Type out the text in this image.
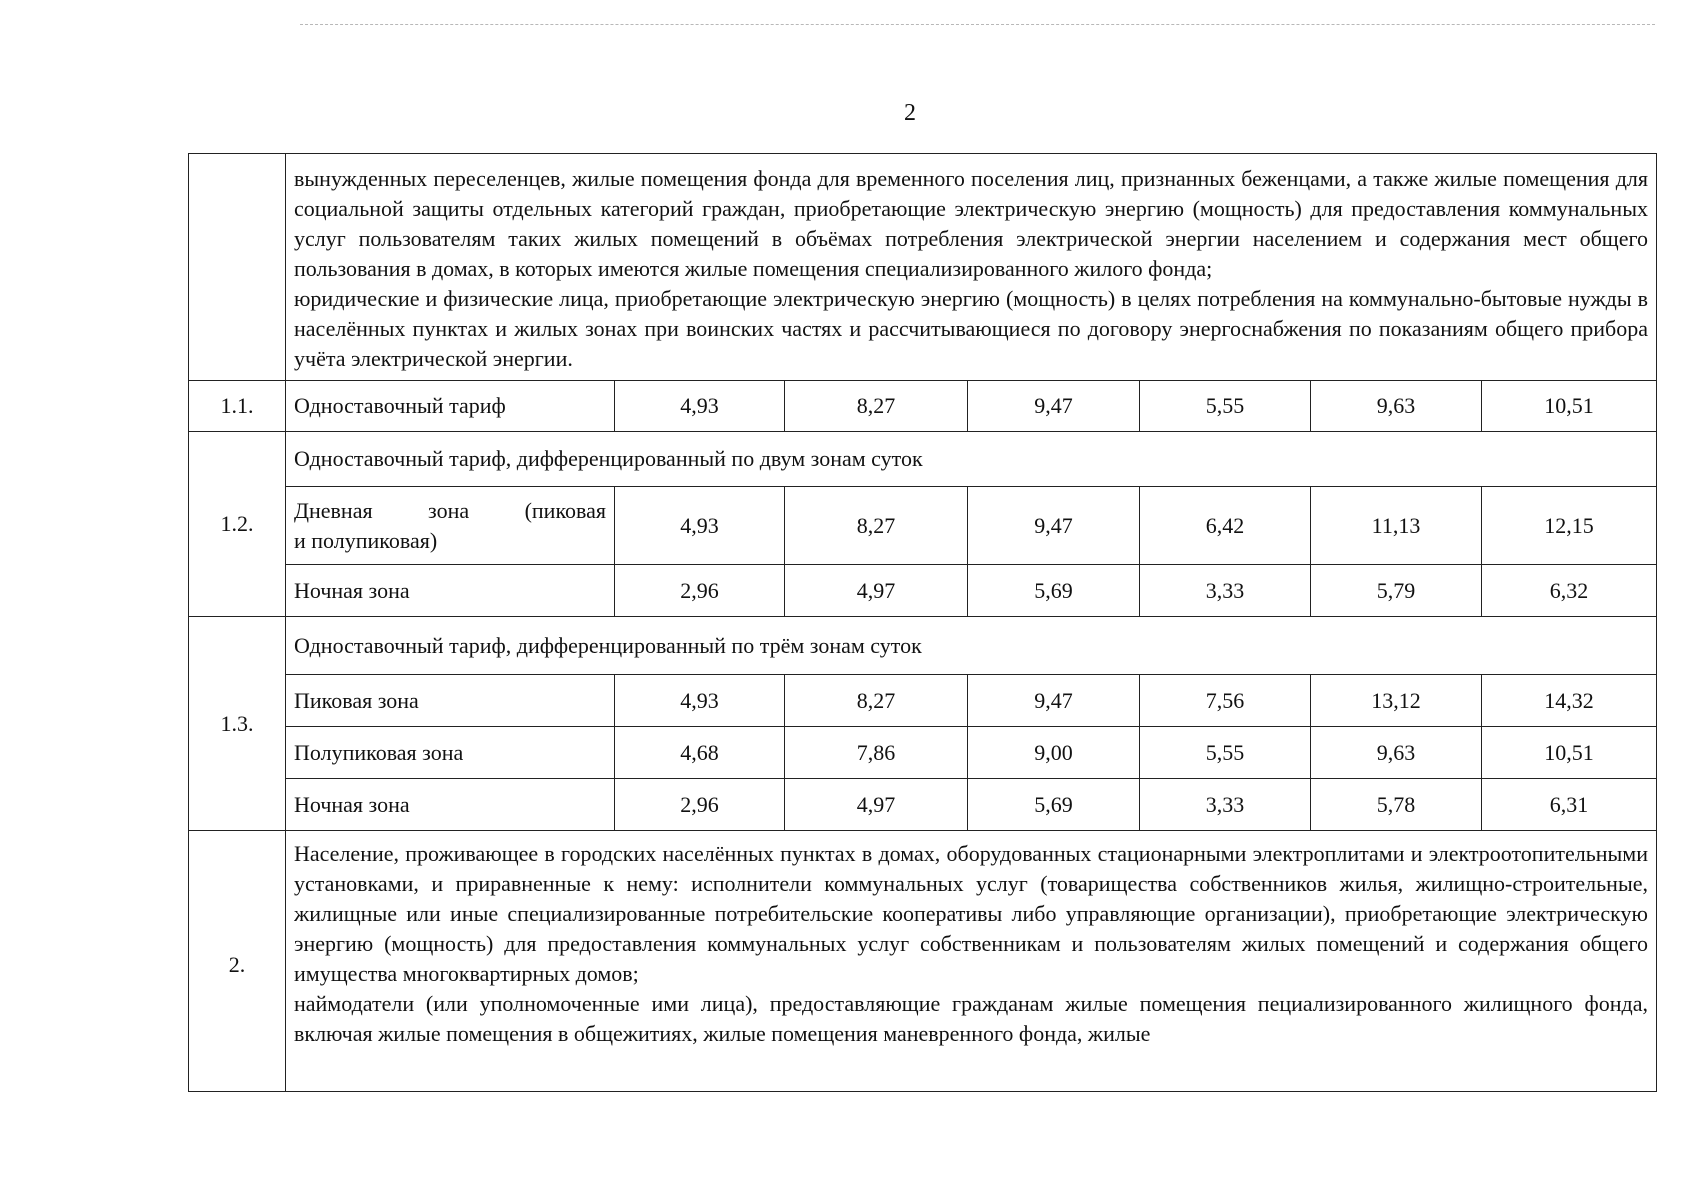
2

	вынужденных переселенцев, жилые помещения фонда для временного поселения лиц, признанных беженцами, а также жилые помещения для социальной защиты отдельных категорий граждан, приобретающие электрическую энергию (мощность) для предоставления коммунальных услуг пользователям таких жилых помещений в объёмах потребления электрической энергии населением и содержания мест общего пользования в домах, в которых имеются жилые помещения специализированного жилого фонда;
юридические и физические лица, приобретающие электрическую энергию (мощность) в целях потребления на коммунально-бытовые нужды в населённых пунктах и жилых зонах при воинских частях и рассчитывающиеся по договору энергоснабжения по показаниям общего прибора учёта электрической энергии.						

1.1.	Одноставочный тариф	4,93	8,27	9,47	5,55	9,63	10,51
1.2.	Одноставочный тариф, дифференцированный по двум зонам суток						

	Дневная зона (пиковая
и полупиковая)	4,93	8,27	9,47	6,42	11,13	12,15
	Ночная зона	2,96	4,97	5,69	3,33	5,79	6,32
1.3.	Одноставочный тариф, дифференцированный по трём зонам суток						
	Пиковая зона	4,93	8,27	9,47	7,56	13,12	14,32
	Полупиковая зона	4,68	7,86	9,00	5,55	9,63	10,51
	Ночная зона	2,96	4,97	5,69	3,33	5,78	6,31
2.	Население, проживающее в городских населённых пунктах в домах, оборудованных стационарными электроплитами и электроотопительными установками, и приравненные к нему: исполнители коммунальных услуг (товарищества собственников жилья, жилищно-строительные, жилищные или иные специализированные потребительские кооперативы либо управляющие организации), приобретающие электрическую энергию (мощность) для предоставления коммунальных услуг собственникам и пользователям жилых помещений и содержания общего имущества многоквартирных домов;
наймодатели (или уполномоченные ими лица), предоставляющие гражданам жилые помещения пециализированного жилищного фонда, включая жилые помещения в общежитиях, жилые помещения маневренного фонда, жилые						
